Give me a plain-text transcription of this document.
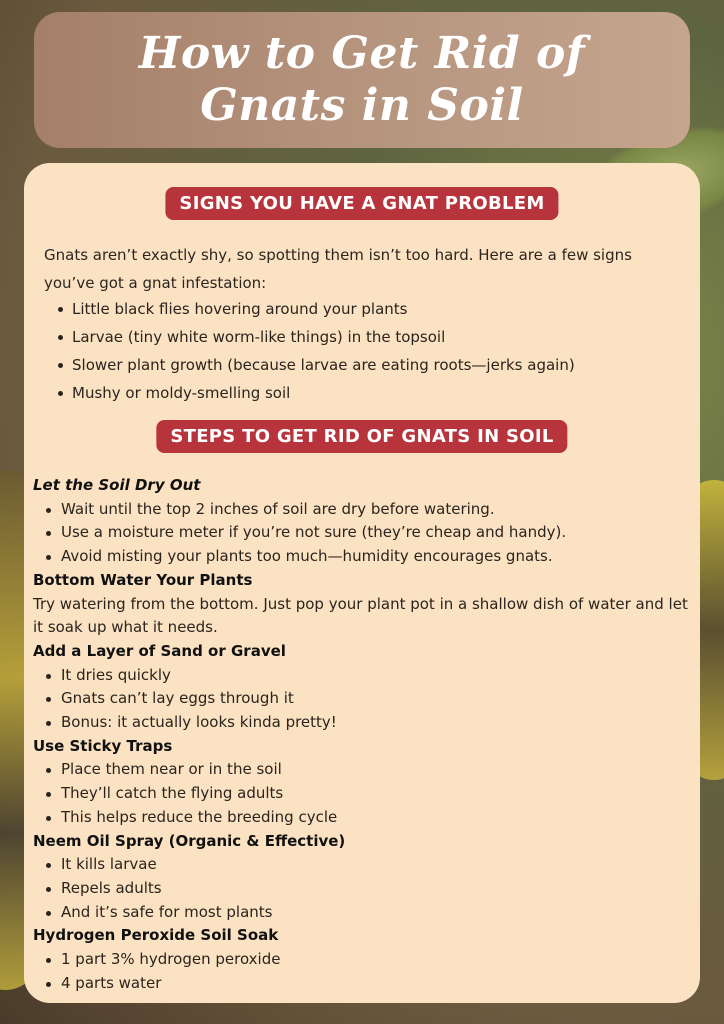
How to Get Rid of Gnats in Soil
SIGNS YOU HAVE A GNAT PROBLEM

Gnats aren’t exactly shy, so spotting them isn’t too hard. Here are a few signs you’ve got a gnat infestation:

Little black flies hovering around your plants
Larvae (tiny white worm-like things) in the topsoil
Slower plant growth (because larvae are eating roots—jerks again)
Mushy or moldy-smelling soil
STEPS TO GET RID OF GNATS IN SOIL

Let the Soil Dry Out

Wait until the top 2 inches of soil are dry before watering.
Use a moisture meter if you’re not sure (they’re cheap and handy).
Avoid misting your plants too much—humidity encourages gnats.

Bottom Water Your Plants

Try watering from the bottom. Just pop your plant pot in a shallow dish of water and let it soak up what it needs.

Add a Layer of Sand or Gravel

It dries quickly
Gnats can’t lay eggs through it
Bonus: it actually looks kinda pretty!

Use Sticky Traps

Place them near or in the soil
They’ll catch the flying adults
This helps reduce the breeding cycle

Neem Oil Spray (Organic & Effective)

It kills larvae
Repels adults
And it’s safe for most plants

Hydrogen Peroxide Soil Soak

1 part 3% hydrogen peroxide
4 parts water
